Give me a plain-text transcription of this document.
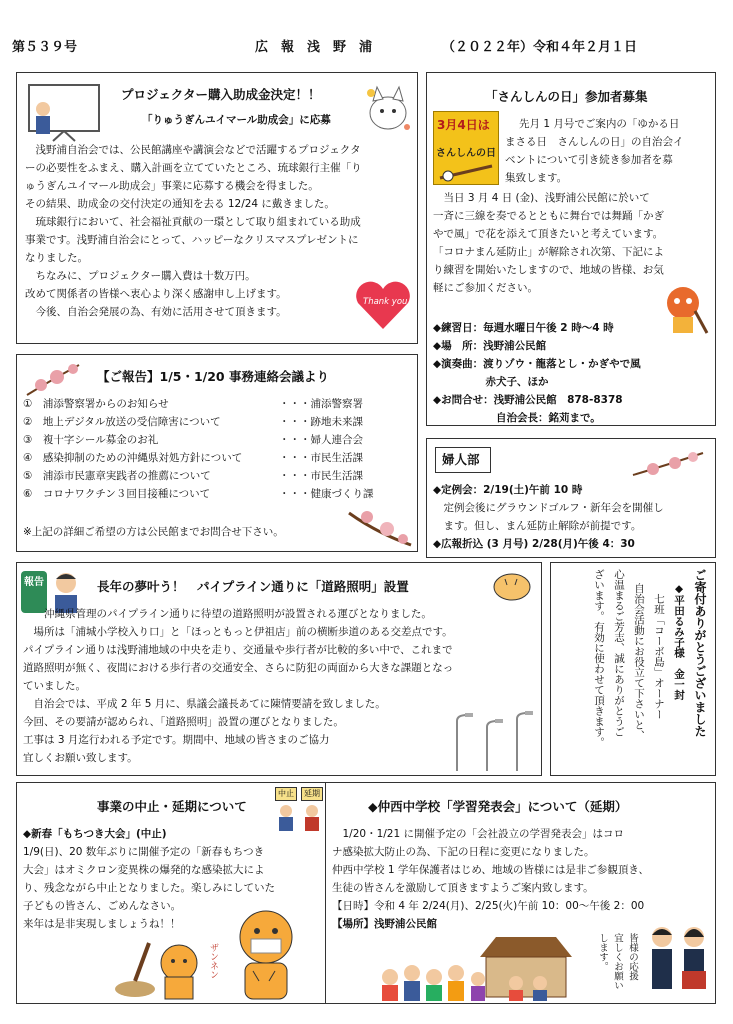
第５３９号	広　報　浅　野　浦	（２０２２年）令和４年２月１日
プロジェクター購入助成金決定！！
「りゅうぎんユイマール助成会」に応募
　浅野浦自治会では、公民館講座や講演会などで活躍するプロジェクタ
ーの必要性をふまえ、購入計画を立てていたところ、琉球銀行主催「り
ゅうぎんユイマール助成会」事業に応募する機会を得ました。
その結果、助成金の交付決定の通知を去る 12/24 に戴きました。
　琉球銀行において、社会福祉貢献の一環として取り組まれている助成
事業です。浅野浦自治会にとって、ハッピーなクリスマスプレゼントに
なりました。
　ちなみに、プロジェクター購入費は十数万円。
改めて関係者の皆様へ衷心より深く感謝申し上げます。
　今後、自治会発展の為、有効に活用させて頂きます。
Thank you
「さんしんの日」参加者募集
3月4日は
さんしんの日
先月 1 月号でご案内の「ゆかる日
まさる日　さんしんの日」の自治会イ
ベントについて引き続き参加者を募
集致します。
　当日 3 月 4 日 (金)、浅野浦公民館に於いて
一斉に三線を奏でるとともに舞台では舞踊「かぎ
やで風」で花を添えて頂きたいと考えています。
「コロナまん延防止」が解除され次第、下記によ
り練習を開始いたしますので、地域の皆様、お気
軽にご参加ください。
◆練習日：毎週水曜日午後 2 時～4 時
◆場　所：浅野浦公民館
◆演奏曲：渡りゾウ・龍落とし・かぎやで風
　　　　　赤犬子、ほか
◆お問合せ：浅野浦公民館　878-8378
　　　　　　自治会長：銘苅まで。
【ご報告】1/5・1/20 事務連絡会議より
①　浦添警察署からのお知らせ	・・・浦添警察署
②　地上デジタル放送の受信障害について	・・・跡地未来課
③　複十字シール募金のお礼	・・・婦人連合会
④　感染抑制のための沖縄県対処方針について	・・・市民生活課
⑤　浦添市民憲章実践者の推薦について	・・・市民生活課
⑥　コロナワクチン３回目接種について	・・・健康づくり課
※上記の詳細ご希望の方は公民館までお問合せ下さい。
婦人部
◆定例会：2/19(土)午前 10 時
　定例会後にグラウンドゴルフ・新年会を開催し
　ます。但し、まん延防止解除が前提です。
◆広報折込 (3 月号) 2/28(月)午後 4：30
報告	長年の夢叶う！　パイプライン通りに「道路照明」設置
　　沖縄県管理のパイプライン通りに待望の道路照明が設置される運びとなりました。
　場所は「浦城小学校入り口」と「ほっともっと伊祖店」前の横断歩道のある交差点です。
パイプライン通りは浅野浦地域の中央を走り、交通量や歩行者が比較的多い中で、これまで
道路照明が無く、夜間における歩行者の交通安全、さらに防犯の両面から大きな課題となっ
ていました。
　自治会では、平成 2 年 5 月に、県議会議長あてに陳情要請を致しました。
今回、その要請が認められ、「道路照明」設置の運びとなりました。
工事は 3 月迄行われる予定です。期間中、地域の皆さまのご協力
宜しくお願い致します。
ご寄付ありがとうございました
◆平田るみ子様　金一封
　七班「コーボ島」オーナー
自治会活動にお役立て下さいと、
心温まるご芳志、誠にありがとうご
ざいます。有効に使わせて頂きます。
事業の中止・延期について
中止	延期
◆新春「もちつき大会」(中止)
1/9(日)、20 数年ぶりに開催予定の「新春もちつき
大会」はオミクロン変異株の爆発的な感染拡大によ
り、残念ながら中止となりました。楽しみにしていた
子どもの皆さん、ごめんなさい。
来年は是非実現しましょうね！！
ザンネン
◆仲西中学校「学習発表会」について（延期）
　1/20・1/21 に開催予定の「会社設立の学習発表会」はコロ
ナ感染拡大防止の為、下記の日程に変更になりました。
仲西中学校 1 学年保護者はじめ、地域の皆様には是非ご参観頂き、
生徒の皆さんを激励して頂きますようご案内致します。
【日時】令和 4 年 2/24(月)、2/25(火)午前 10：00～午後 2：00
【場所】浅野浦公民館
皆様の応援
宜しくお願い
します。
